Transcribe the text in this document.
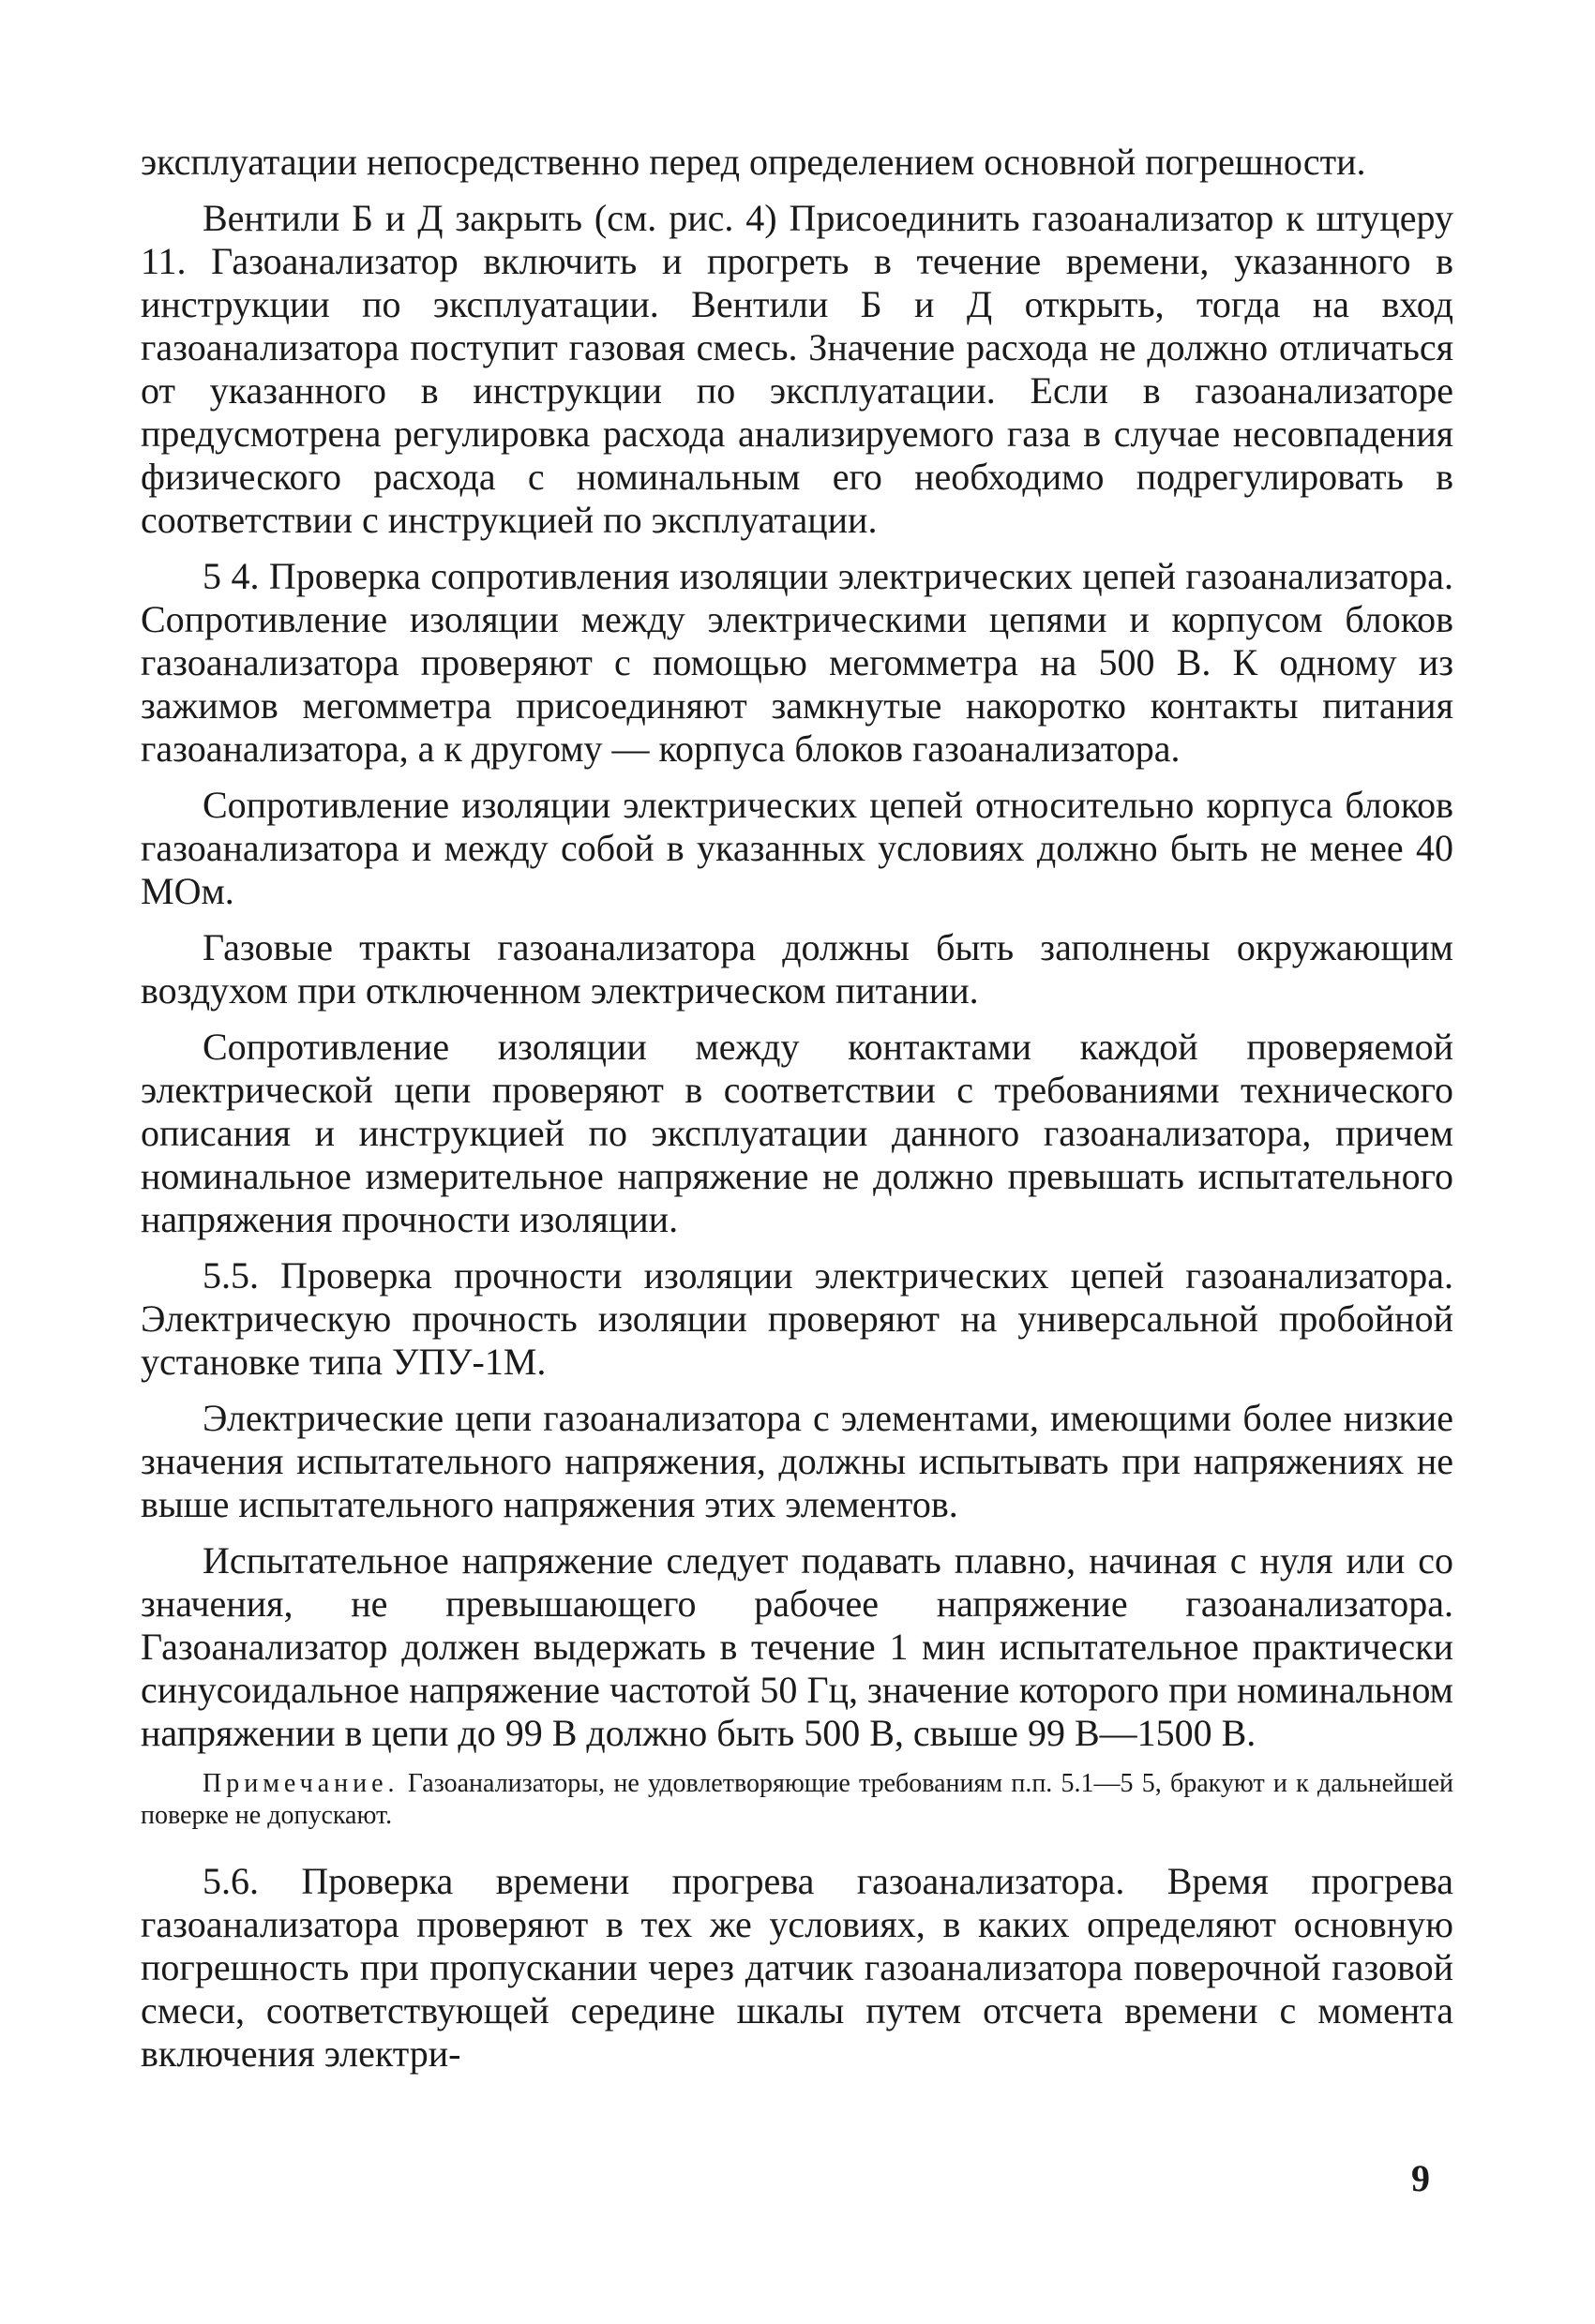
эксплуатации непосредственно перед определением основной погрешности.

Вентили Б и Д закрыть (см. рис. 4) Присоединить газоанализатор к штуцеру 11. Газоанализатор включить и прогреть в течение времени, указанного в инструкции по эксплуатации. Вентили Б и Д открыть, тогда на вход газоанализатора поступит газовая смесь. Значение расхода не должно отличаться от указанного в инструкции по эксплуатации. Если в газоанализаторе предусмотрена регулировка расхода анализируемого газа в случае несовпадения физического расхода с номинальным его необходимо подрегулировать в соответствии с инструкцией по эксплуатации.

5 4. Проверка сопротивления изоляции электрических цепей газоанализатора. Сопротивление изоляции между электрическими цепями и корпусом блоков газоанализатора проверяют с помощью мегомметра на 500 В. К одному из зажимов мегомметра присоединяют замкнутые накоротко контакты питания газоанализатора, а к другому — корпуса блоков газоанализатора.

Сопротивление изоляции электрических цепей относительно корпуса блоков газоанализатора и между собой в указанных условиях должно быть не менее 40 МОм.

Газовые тракты газоанализатора должны быть заполнены окружающим воздухом при отключенном электрическом питании.

Сопротивление изоляции между контактами каждой проверяемой электрической цепи проверяют в соответствии с требованиями технического описания и инструкцией по эксплуатации данного газоанализатора, причем номинальное измерительное напряжение не должно превышать испытательного напряжения прочности изоляции.

5.5. Проверка прочности изоляции электрических цепей газоанализатора. Электрическую прочность изоляции проверяют на универсальной пробойной установке типа УПУ-1М.

Электрические цепи газоанализатора с элементами, имеющими более низкие значения испытательного напряжения, должны испытывать при напряжениях не выше испытательного напряжения этих элементов.

Испытательное напряжение следует подавать плавно, начиная с нуля или со значения, не превышающего рабочее напряжение газоанализатора. Газоанализатор должен выдержать в течение 1 мин испытательное практически синусоидальное напряжение частотой 50 Гц, значение которого при номинальном напряжении в цепи до 99 В должно быть 500 В, свыше 99 В—1500 В.

Примечание. Газоанализаторы, не удовлетворяющие требованиям п.п. 5.1—5 5, бракуют и к дальнейшей поверке не допускают.

5.6. Проверка времени прогрева газоанализатора. Время прогрева газоанализатора проверяют в тех же условиях, в каких определяют основную погрешность при пропускании через датчик газоанализатора поверочной газовой смеси, соответствующей середине шкалы путем отсчета времени с момента включения электри-

9
